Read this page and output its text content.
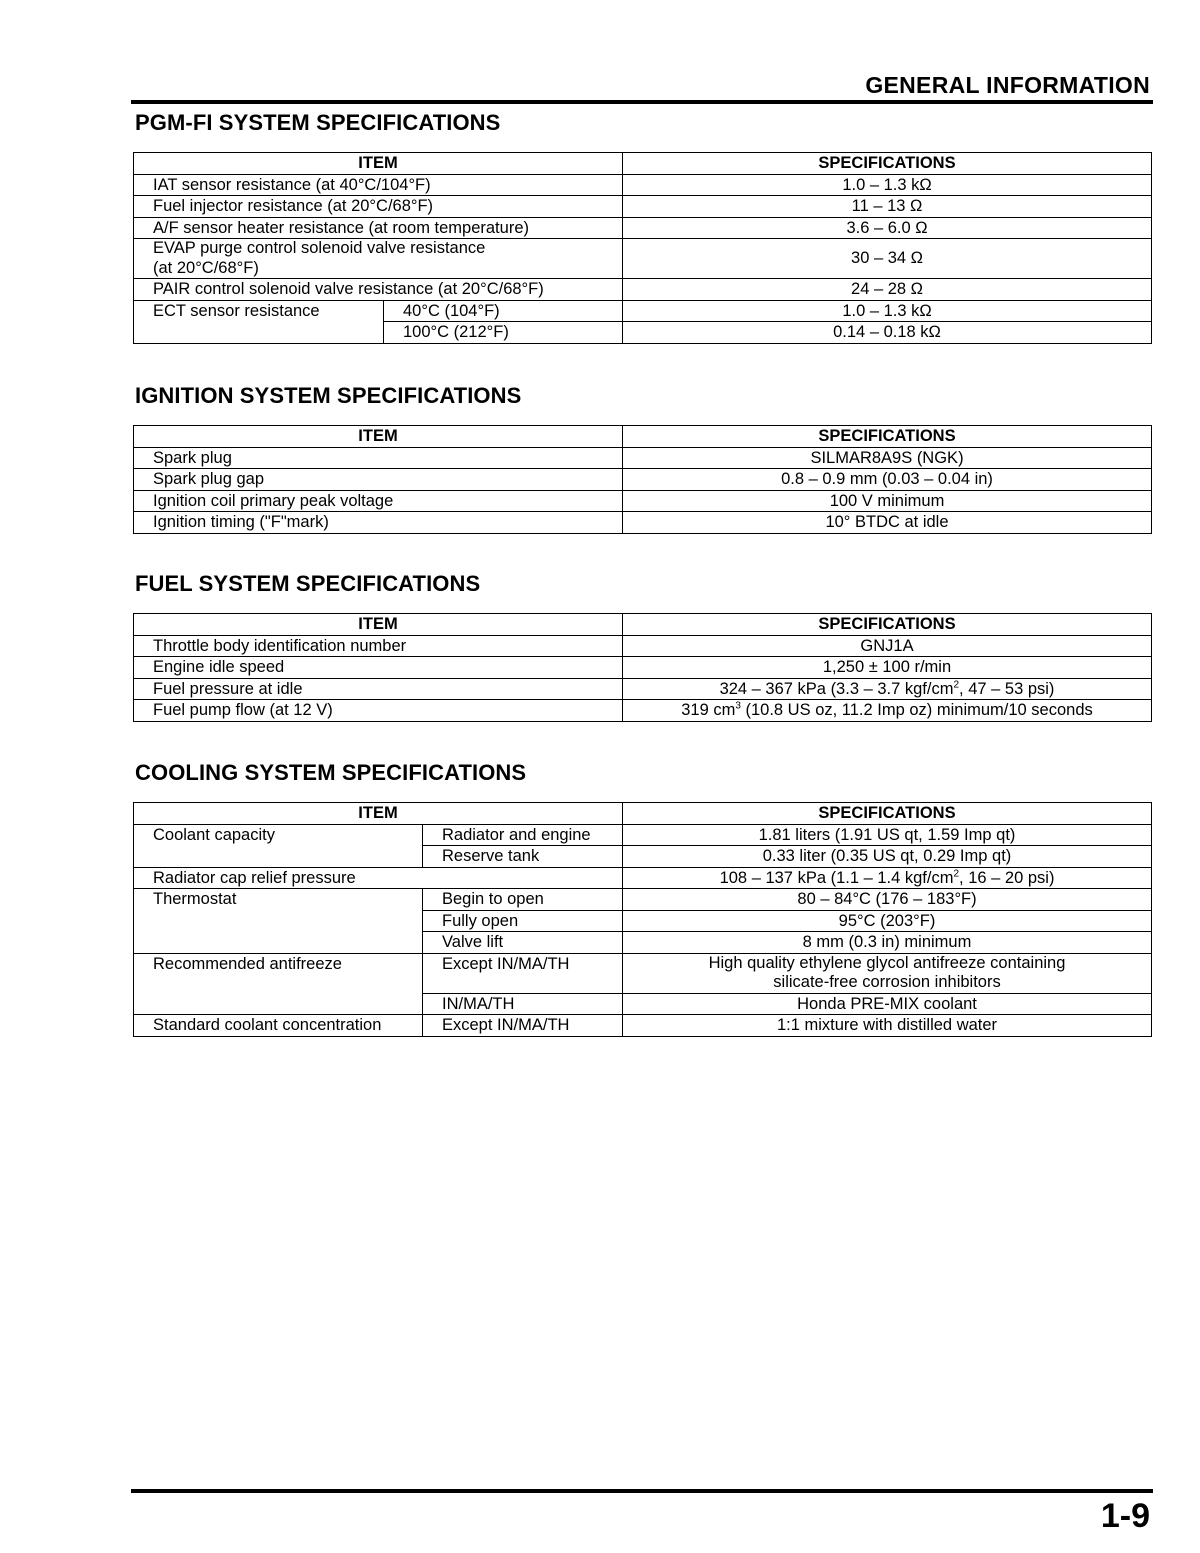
GENERAL INFORMATION
PGM-FI SYSTEM SPECIFICATIONS
ITEM		SPECIFICATIONS
IAT sensor resistance (at 40°C/104°F)		1.0 – 1.3 kΩ
Fuel injector resistance (at 20°C/68°F)		11 – 13 Ω
A/F sensor heater resistance (at room temperature)		3.6 – 6.0 Ω
EVAP purge control solenoid valve resistance
(at 20°C/68°F)		30 – 34 Ω
PAIR control solenoid valve resistance (at 20°C/68°F)		24 – 28 Ω
ECT sensor resistance	40°C (104°F)	1.0 – 1.3 kΩ
	100°C (212°F)	0.14 – 0.18 kΩ
IGNITION SYSTEM SPECIFICATIONS
ITEM	SPECIFICATIONS
Spark plug	SILMAR8A9S (NGK)
Spark plug gap	0.8 – 0.9 mm (0.03 – 0.04 in)
Ignition coil primary peak voltage	100 V minimum
Ignition timing ("F"mark)	10° BTDC at idle
FUEL SYSTEM SPECIFICATIONS
ITEM	SPECIFICATIONS
Throttle body identification number	GNJ1A
Engine idle speed	1,250 ± 100 r/min
Fuel pressure at idle	324 – 367 kPa (3.3 – 3.7 kgf/$cm^2$, 47 – 53 psi)
Fuel pump flow (at 12 V)	319 $cm^3$ (10.8 US oz, 11.2 Imp oz) minimum/10 seconds
COOLING SYSTEM SPECIFICATIONS
ITEM		SPECIFICATIONS
Coolant capacity	Radiator and engine	1.81 liters (1.91 US qt, 1.59 Imp qt)
	Reserve tank	0.33 liter (0.35 US qt, 0.29 Imp qt)
Radiator cap relief pressure		108 – 137 kPa (1.1 – 1.4 kgf/$cm^2$, 16 – 20 psi)
Thermostat	Begin to open	80 – 84°C (176 – 183°F)
	Fully open	95°C (203°F)
	Valve lift	8 mm (0.3 in) minimum
Recommended antifreeze	Except IN/MA/TH	High quality ethylene glycol antifreeze containing
silicate-free corrosion inhibitors
	IN/MA/TH	Honda PRE-MIX coolant
Standard coolant concentration	Except IN/MA/TH	1:1 mixture with distilled water
1-9
